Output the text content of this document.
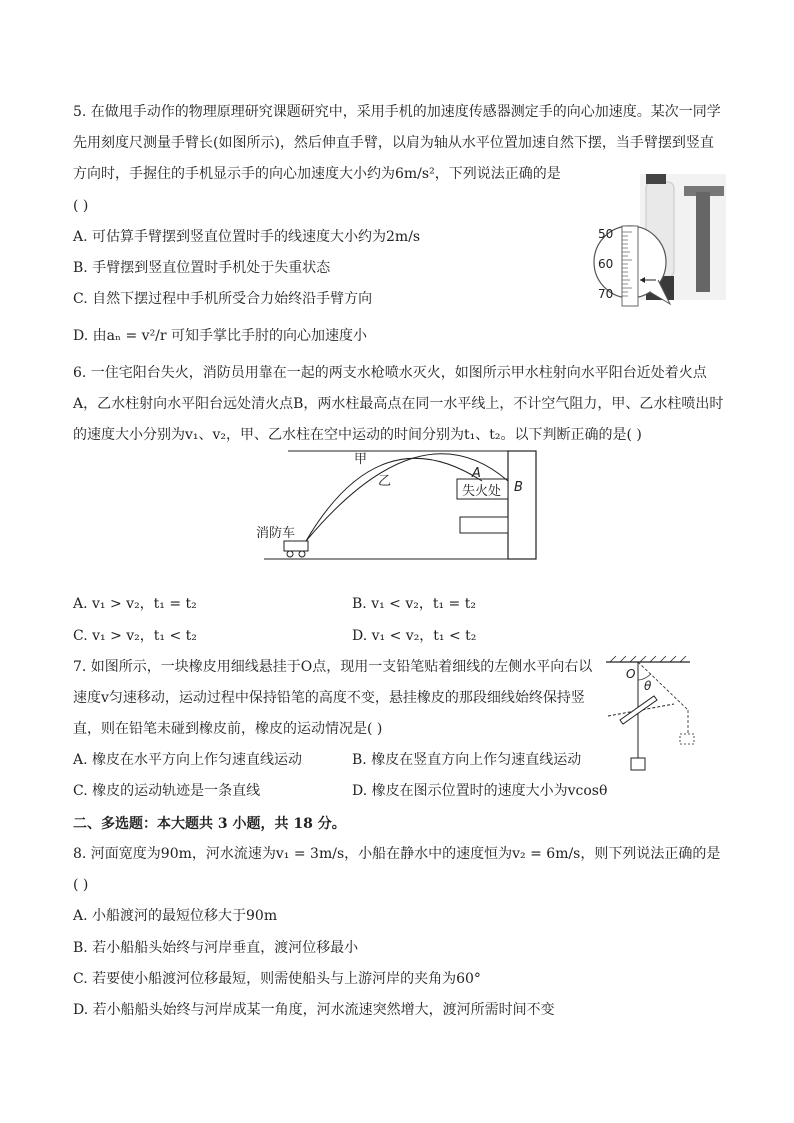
5. 在做甩手动作的物理原理研究课题研究中，采用手机的加速度传感器测定手的向心加速度。某次一同学
先用刻度尺测量手臂长(如图所示)，然后伸直手臂，以肩为轴从水平位置加速自然下摆，当手臂摆到竖直
方向时，手握住的手机显示手的向心加速度大小约为6m/s²，下列说法正确的是
( )
A. 可估算手臂摆到竖直位置时手的线速度大小约为2m/s
B. 手臂摆到竖直位置时手机处于失重状态
C. 自然下摆过程中手机所受合力始终沿手臂方向
D. 由aₙ = v²/r 可知手掌比手肘的向心加速度小
50
60
70
6. 一住宅阳台失火，消防员用靠在一起的两支水枪喷水灭火，如图所示甲水柱射向水平阳台近处着火点
A，乙水柱射向水平阳台远处清火点B，两水柱最高点在同一水平线上，不计空气阻力，甲、乙水柱喷出时
的速度大小分别为v₁、v₂，甲、乙水柱在空中运动的时间分别为t₁、t₂。以下判断正确的是( )
甲
乙
A
B
失火处
消防车
A. v₁ > v₂，t₁ = t₂	B. v₁ < v₂，t₁ = t₂
C. v₁ > v₂，t₁ < t₂	D. v₁ < v₂，t₁ < t₂
7. 如图所示，一块橡皮用细线悬挂于O点，现用一支铅笔贴着细线的左侧水平向右以
速度v匀速移动，运动过程中保持铅笔的高度不变，悬挂橡皮的那段细线始终保持竖
直，则在铅笔未碰到橡皮前，橡皮的运动情况是( )
A. 橡皮在水平方向上作匀速直线运动	B. 橡皮在竖直方向上作匀速直线运动
C. 橡皮的运动轨迹是一条直线	D. 橡皮在图示位置时的速度大小为vcosθ
O
θ
二、多选题：本大题共 3 小题，共 18 分。
8. 河面宽度为90m，河水流速为v₁ = 3m/s，小船在静水中的速度恒为v₂ = 6m/s，则下列说法正确的是
( )
A. 小船渡河的最短位移大于90m
B. 若小船船头始终与河岸垂直，渡河位移最小
C. 若要使小船渡河位移最短，则需使船头与上游河岸的夹角为60°
D. 若小船船头始终与河岸成某一角度，河水流速突然增大，渡河所需时间不变
